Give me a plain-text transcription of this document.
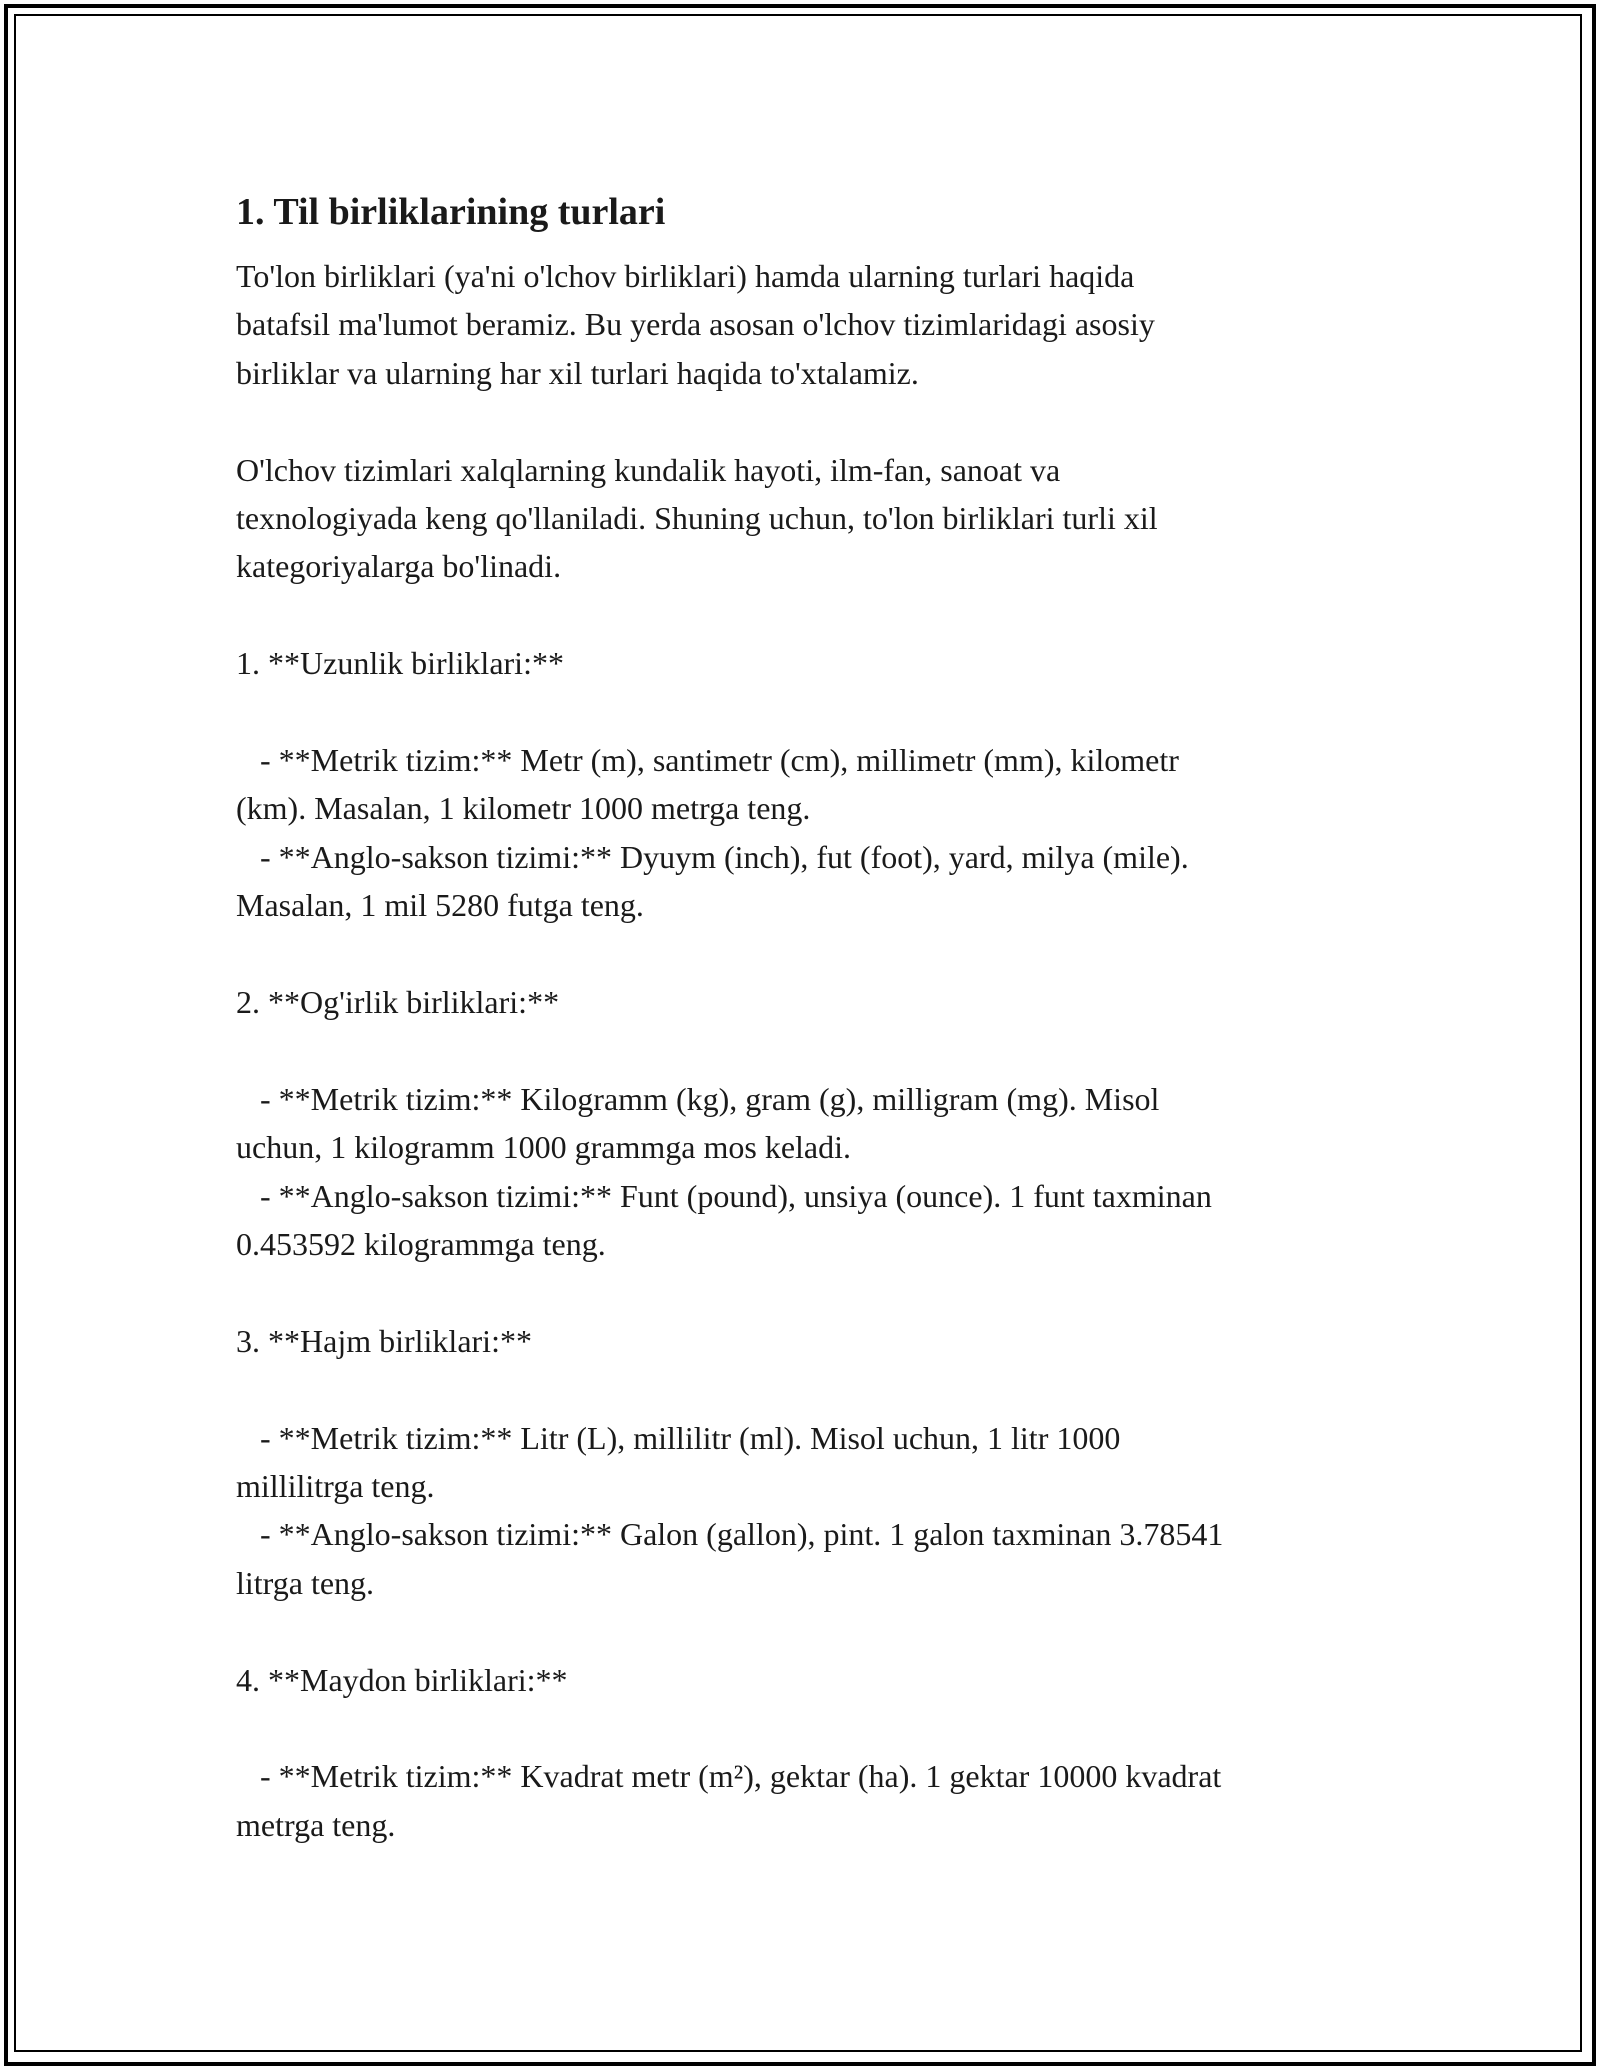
1. Til birliklarining turlari

To'lon birliklari (ya'ni o'lchov birliklari) hamda ularning turlari haqida

batafsil ma'lumot beramiz. Bu yerda asosan o'lchov tizimlaridagi asosiy

birliklar va ularning har xil turlari haqida to'xtalamiz.

O'lchov tizimlari xalqlarning kundalik hayoti, ilm-fan, sanoat va

texnologiyada keng qo'llaniladi. Shuning uchun, to'lon birliklari turli xil

kategoriyalarga bo'linadi.

1. **Uzunlik birliklari:**

- **Metrik tizim:** Metr (m), santimetr (cm), millimetr (mm), kilometr

(km). Masalan, 1 kilometr 1000 metrga teng.

- **Anglo-sakson tizimi:** Dyuym (inch), fut (foot), yard, milya (mile).

Masalan, 1 mil 5280 futga teng.

2. **Og'irlik birliklari:**

- **Metrik tizim:** Kilogramm (kg), gram (g), milligram (mg). Misol

uchun, 1 kilogramm 1000 grammga mos keladi.

- **Anglo-sakson tizimi:** Funt (pound), unsiya (ounce). 1 funt taxminan

0.453592 kilogrammga teng.

3. **Hajm birliklari:**

- **Metrik tizim:** Litr (L), millilitr (ml). Misol uchun, 1 litr 1000

millilitrga teng.

- **Anglo-sakson tizimi:** Galon (gallon), pint. 1 galon taxminan 3.78541

litrga teng.

4. **Maydon birliklari:**

- **Metrik tizim:** Kvadrat metr (m²), gektar (ha). 1 gektar 10000 kvadrat

metrga teng.
